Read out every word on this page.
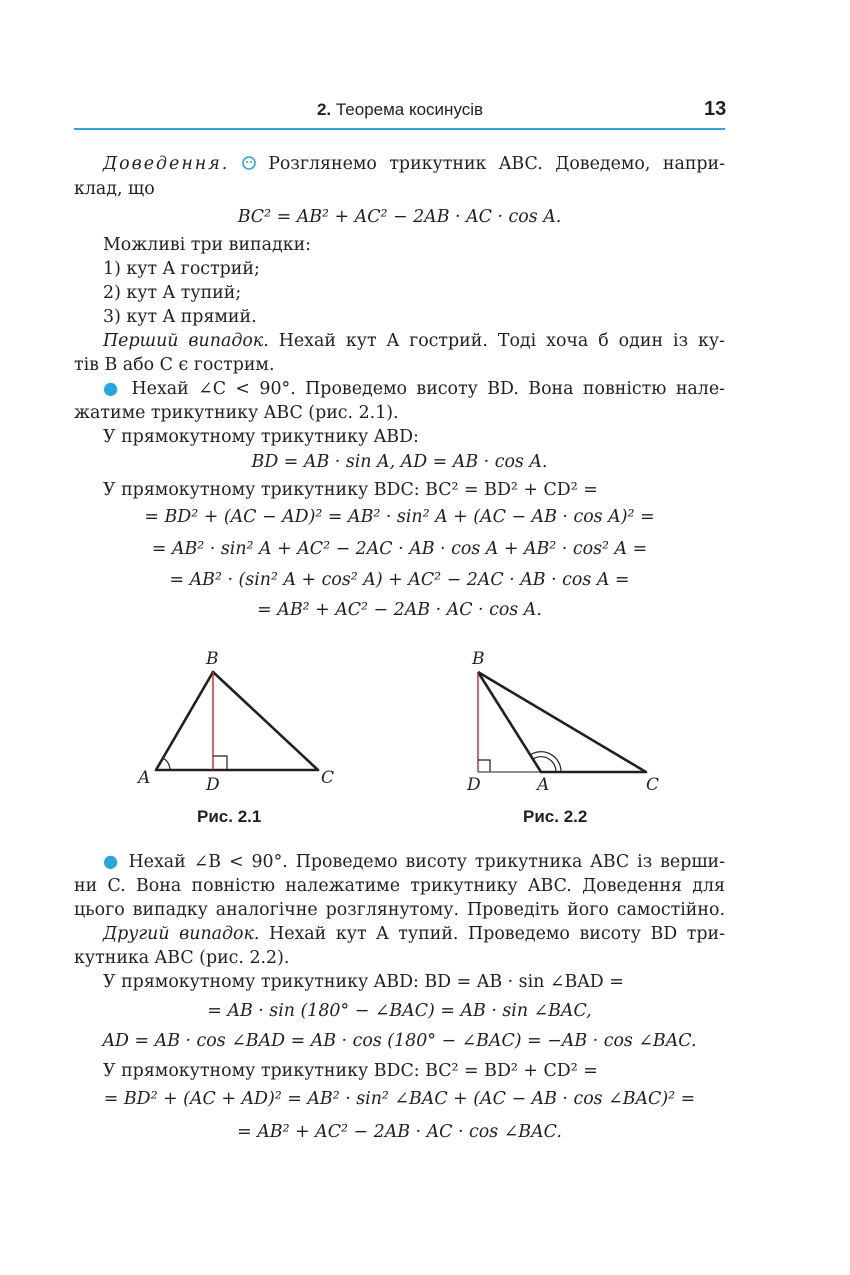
2. Теорема косинусів	13
Доведення. Розглянемо трикутник ABC. Доведемо, напри-
клад, що
BC² = AB² + AC² − 2AB · AC · cos A.
Можливі три випадки:
1) кут A гострий;
2) кут A тупий;
3) кут A прямий.
Перший випадок. Нехай кут A гострий. Тоді хоча б один із ку-
тів B або C є гострим.
● Нехай ∠C < 90°. Проведемо висоту BD. Вона повністю нале-
жатиме трикутнику ABC (рис. 2.1).
У прямокутному трикутнику ABD:
BD = AB · sin A, AD = AB · cos A.
У прямокутному трикутнику BDC: BC² = BD² + CD² =
= BD² + (AC − AD)² = AB² · sin² A + (AC − AB · cos A)² =
= AB² · sin² A + AC² − 2AC · AB · cos A + AB² · cos² A =
= AB² · (sin² A + cos² A) + AC² − 2AC · AB · cos A =
= AB² + AC² − 2AB · AC · cos A.
B
A	D	C
Рис. 2.1
B
D	A	C
Рис. 2.2
● Нехай ∠B < 90°. Проведемо висоту трикутника ABC із верши-
ни C. Вона повністю належатиме трикутнику ABC. Доведення для
цього випадку аналогічне розглянутому. Проведіть його самостійно.
Другий випадок. Нехай кут A тупий. Проведемо висоту BD три-
кутника ABC (рис. 2.2).
У прямокутному трикутнику ABD: BD = AB · sin ∠BAD =
= AB · sin (180° − ∠BAC) = AB · sin ∠BAC,
AD = AB · cos ∠BAD = AB · cos (180° − ∠BAC) = −AB · cos ∠BAC.
У прямокутному трикутнику BDC: BC² = BD² + CD² =
= BD² + (AC + AD)² = AB² · sin² ∠BAC + (AC − AB · cos ∠BAC)² =
= AB² + AC² − 2AB · AC · cos ∠BAC.
